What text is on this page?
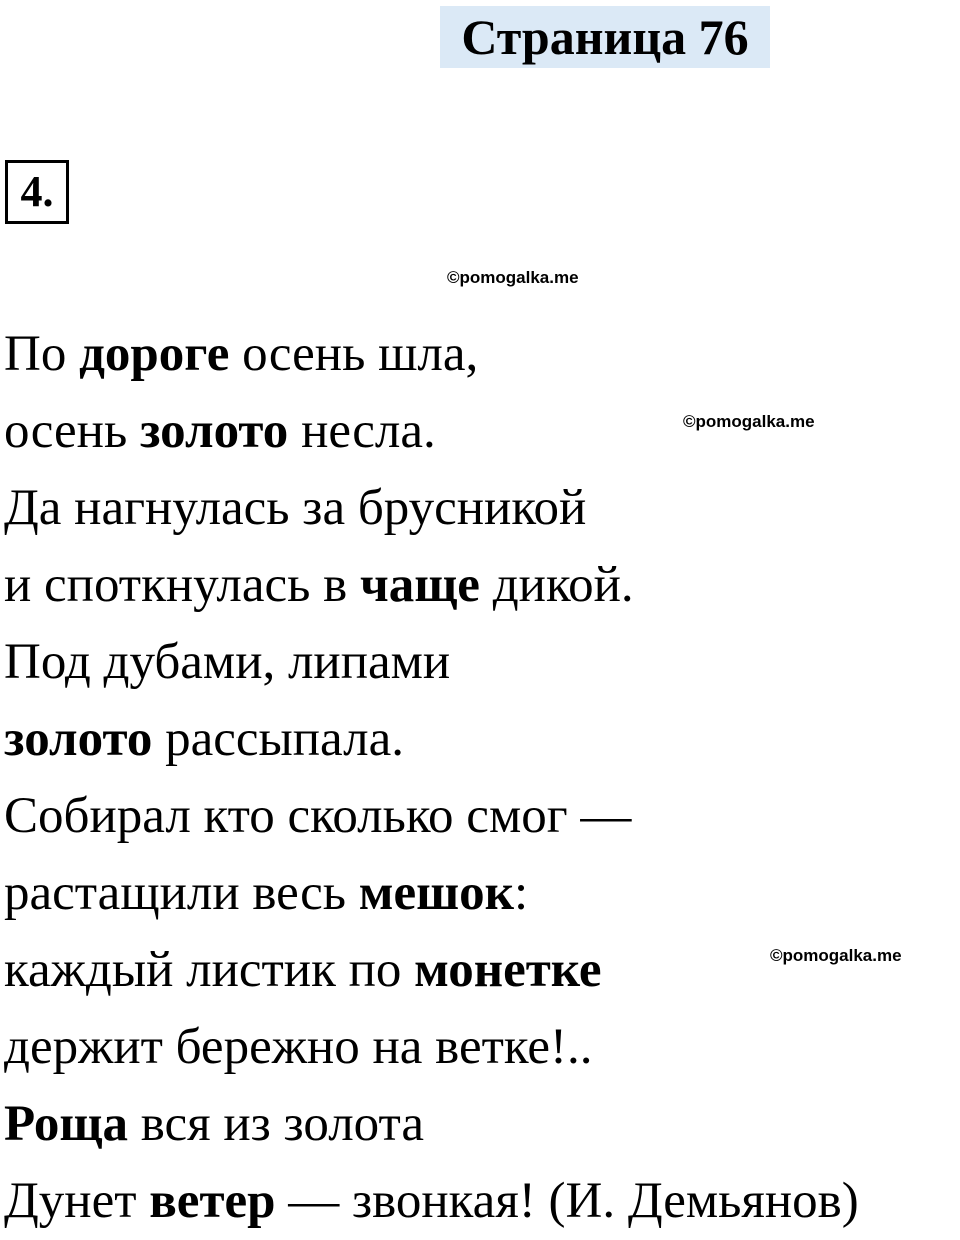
Страница 76
4.
©pomogalka.me
©pomogalka.me
©pomogalka.me
По дороге осень шла,
осень золото несла.
Да нагнулась за брусникой
и споткнулась в чаще дикой.
Под дубами, липами
золото рассыпала.
Собирал кто сколько смог —
растащили весь мешок:
каждый листик по монетке
держит бережно на ветке!..
Роща вся из золота
Дунет ветер — звонкая! (И. Демьянов)
